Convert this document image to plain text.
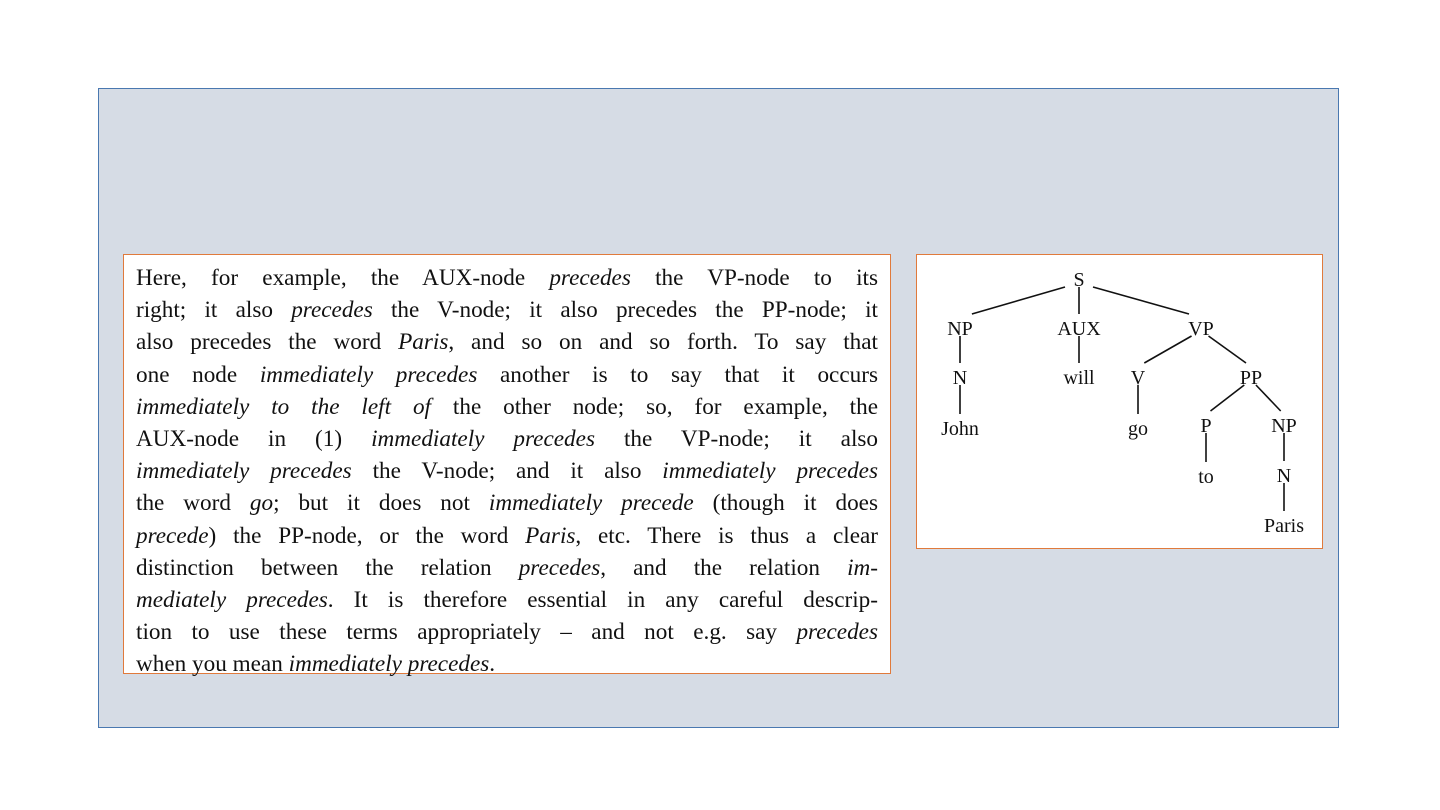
Here, for example, the AUX-node precedes the VP-node to its
right; it also precedes the V-node; it also precedes the PP-node; it
also precedes the word Paris, and so on and so forth. To say that
one node immediately precedes another is to say that it occurs
immediately to the left of the other node; so, for example, the
AUX-node in (1) immediately precedes the VP-node; it also
immediately precedes the V-node; and it also immediately precedes
the word go; but it does not immediately precede (though it does
precede) the PP-node, or the word Paris, etc. There is thus a clear
distinction between the relation precedes, and the relation im-
mediately precedes. It is therefore essential in any careful descrip-
tion to use these terms appropriately – and not e.g. say precedes
when you mean immediately precedes.
S
NP	AUX	VP
N	will V	PP
John	go	P	NP
to	N
Paris
